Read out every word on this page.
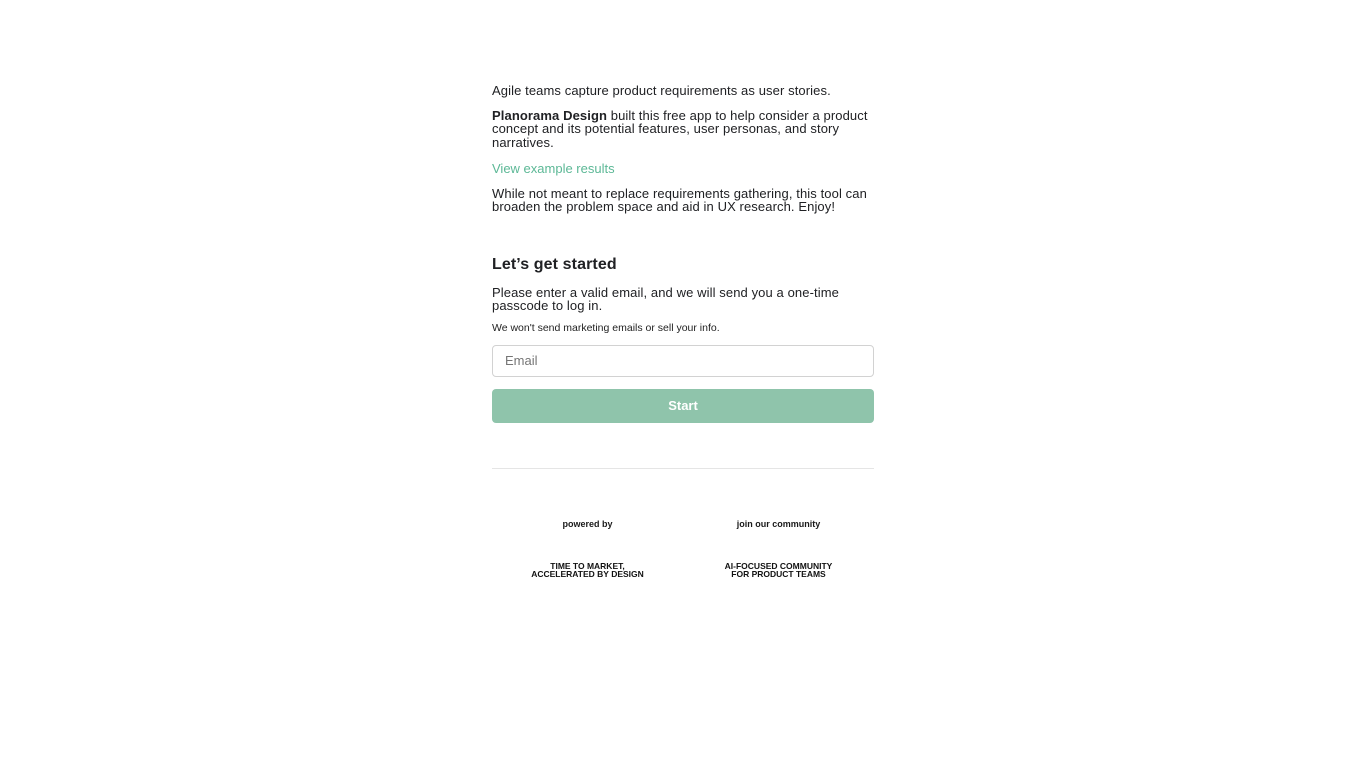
Agile teams capture product requirements as user stories.

Planorama Design built this free app to help consider a product concept and its potential features, user personas, and story narratives.

View example results

While not meant to replace requirements gathering, this tool can broaden the problem space and aid in UX research. Enjoy!

Let’s get started

Please enter a valid email, and we will send you a one-time passcode to log in.

We won't send marketing emails or sell your info.

Email
Start
powered by
TIME TO MARKET,
ACCELERATED BY DESIGN
join our community
AI-FOCUSED COMMUNITY
FOR PRODUCT TEAMS
